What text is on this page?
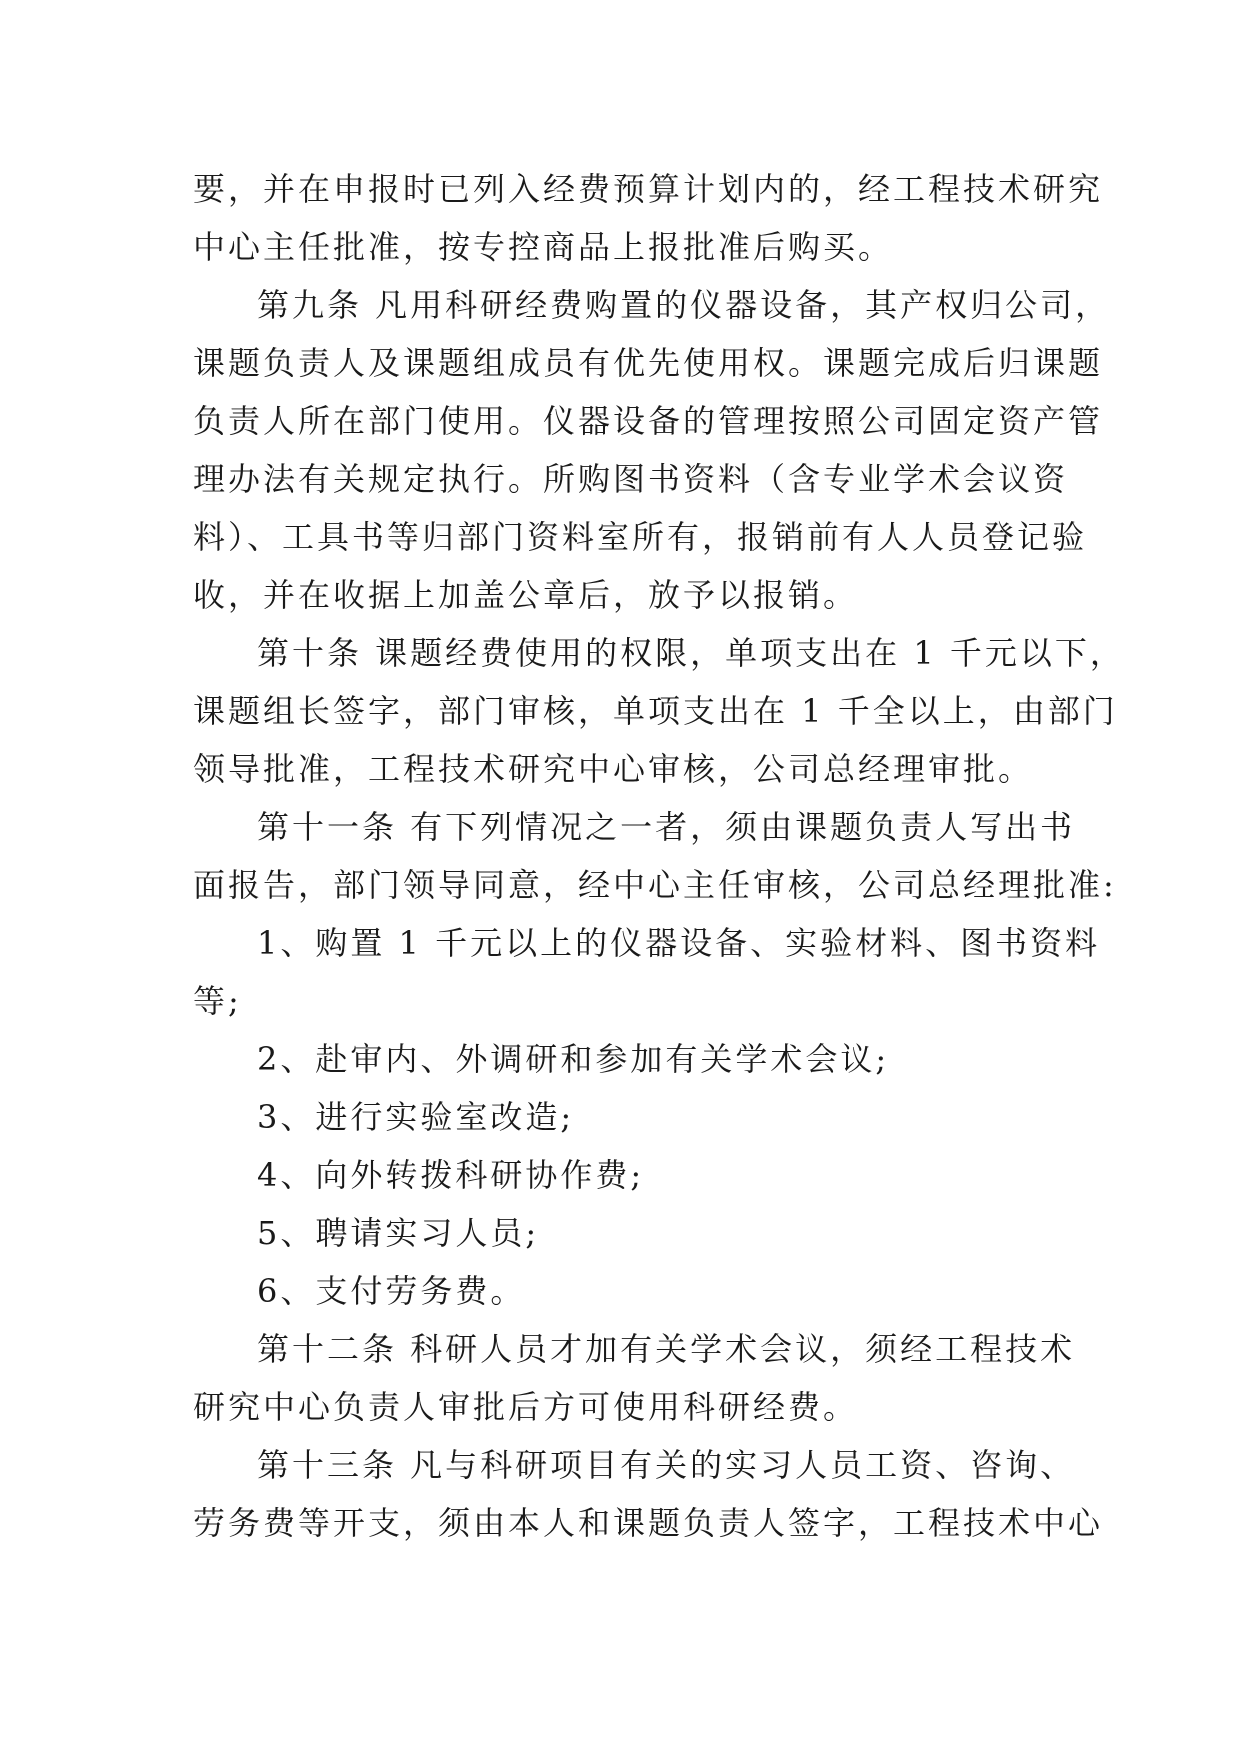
要，并在申报时已列入经费预算计划内的，经工程技术研究
中心主任批准，按专控商品上报批准后购买。
第九条 凡用科研经费购置的仪器设备，其产权归公司，
课题负责人及课题组成员有优先使用权。课题完成后归课题
负责人所在部门使用。仪器设备的管理按照公司固定资产管
理办法有关规定执行。所购图书资料（含专业学术会议资
料）、工具书等归部门资料室所有，报销前有人人员登记验
收，并在收据上加盖公章后，放予以报销。
第十条 课题经费使用的权限，单项支出在 1 千元以下，
课题组长签字，部门审核，单项支出在 1 千全以上，由部门
领导批准，工程技术研究中心审核，公司总经理审批。
第十一条 有下列情况之一者，须由课题负责人写出书
面报告，部门领导同意，经中心主任审核，公司总经理批准:
1、购置 1 千元以上的仪器设备、实验材料、图书资料
等;
2、赴审内、外调研和参加有关学术会议;
3、进行实验室改造;
4、向外转拨科研协作费;
5、聘请实习人员;
6、支付劳务费。
第十二条 科研人员才加有关学术会议，须经工程技术
研究中心负责人审批后方可使用科研经费。
第十三条 凡与科研项目有关的实习人员工资、咨询、
劳务费等开支，须由本人和课题负责人签字，工程技术中心
